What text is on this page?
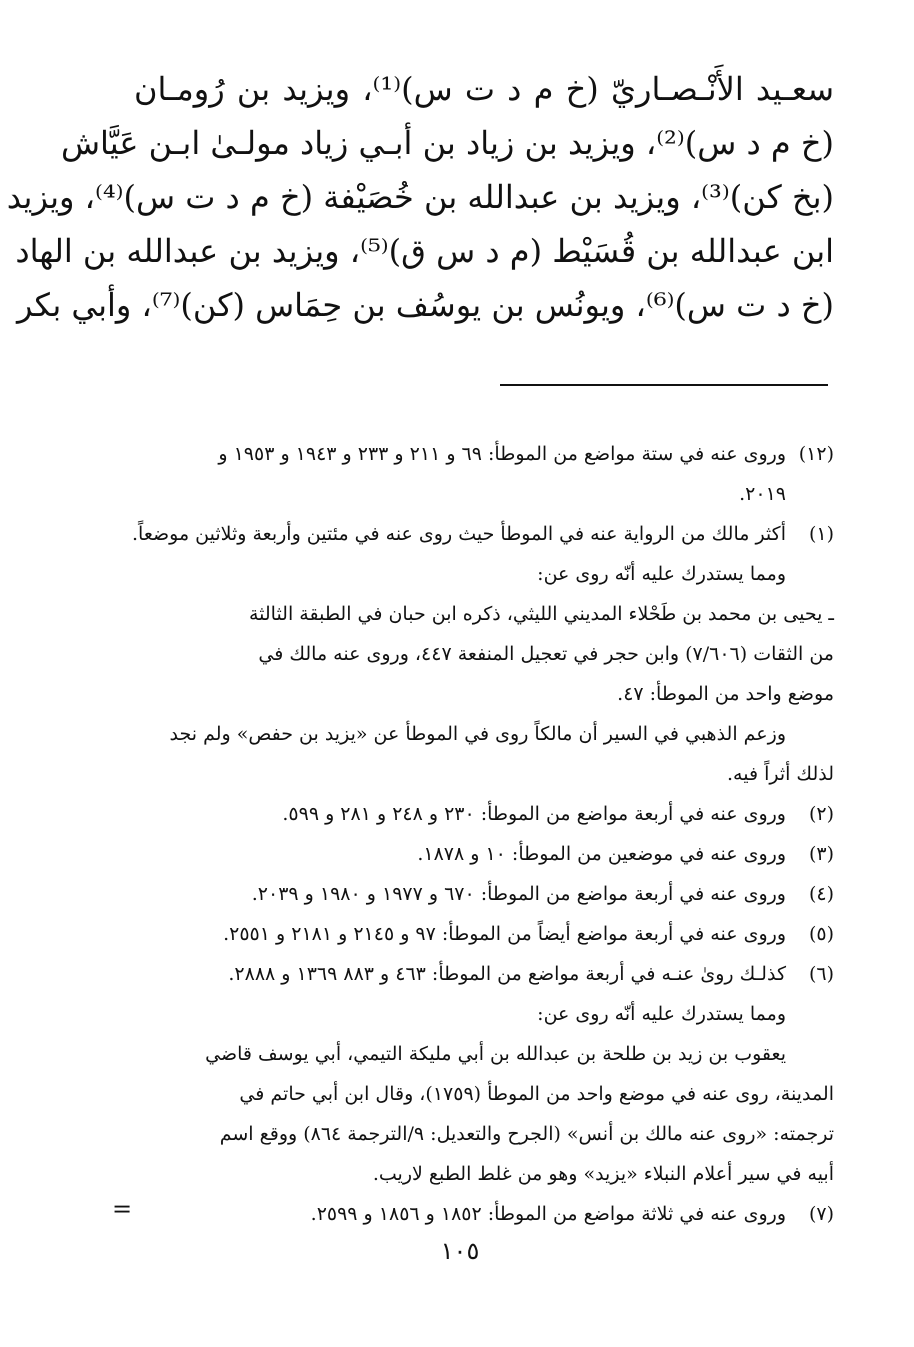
سعـيد الأَنْـصـاريّ (خ م د ت س)⁽¹⁾، ويزيد بن رُومـان
(خ م د س)⁽²⁾، ويزيد بن زياد بن أبـي زياد مولـىٰ ابـن عَيَّاش
(بخ كن)⁽³⁾، ويزيد بن عبدالله بن خُصَيْفة (خ م د ت س)⁽⁴⁾، ويزيد
ابن عبدالله بن قُسَيْط (م د س ق)⁽⁵⁾، ويزيد بن عبدالله بن الهاد
(خ د ت س)⁽⁶⁾، ويونُس بن يوسُف بن حِمَاس (كن)⁽⁷⁾، وأبي بكر
(١٢)
وروى عنه في ستة مواضع من الموطأ: ٦٩ و ٢١١ و ٢٣٣ و ١٩٤٣ و ١٩٥٣ و
٢٠١٩.
(١)
أكثر مالك من الرواية عنه في الموطأ حيث روى عنه في مئتين وأربعة وثلاثين موضعاً.
ومما يستدرك عليه أنّه روى عن:
ـ يحيى بن محمد بن طَحْلاء المديني الليثي، ذكره ابن حبان في الطبقة الثالثة
من الثقات (٧/٦٠٦) وابن حجر في تعجيل المنفعة ٤٤٧، وروى عنه مالك في
موضع واحد من الموطأ: ٤٧.
وزعم الذهبي في السير أن مالكاً روى في الموطأ عن «يزيد بن حفص» ولم نجد
لذلك أثراً فيه.
(٢)
وروى عنه في أربعة مواضع من الموطأ: ٢٣٠ و ٢٤٨ و ٢٨١ و ٥٩٩.
(٣)
وروى عنه في موضعين من الموطأ: ١٠ و ١٨٧٨.
(٤)
وروى عنه في أربعة مواضع من الموطأ: ٦٧٠ و ١٩٧٧ و ١٩٨٠ و ٢٠٣٩.
(٥)
وروى عنه في أربعة مواضع أيضاً من الموطأ: ٩٧ و ٢١٤٥ و ٢١٨١ و ٢٥٥١.
(٦)
كذلـك روىٰ عنـه في أربعة مواضع من الموطأ: ٤٦٣ و ٨٨٣ ١٣٦٩ و ٢٨٨٨.
ومما يستدرك عليه أنّه روى عن:
يعقوب بن زيد بن طلحة بن عبدالله بن أبي مليكة التيمي، أبي يوسف قاضي
المدينة، روى عنه في موضع واحد من الموطأ (١٧٥٩)، وقال ابن أبي حاتم في
ترجمته: «روى عنه مالك بن أنس» (الجرح والتعديل: ٩/الترجمة ٨٦٤) ووقع اسم
أبيه في سير أعلام النبلاء «يزيد» وهو من غلط الطبع لاريب.
(٧)
وروى عنه في ثلاثة مواضع من الموطأ: ١٨٥٢ و ١٨٥٦ و ٢٥٩٩.
١٠٥
=
